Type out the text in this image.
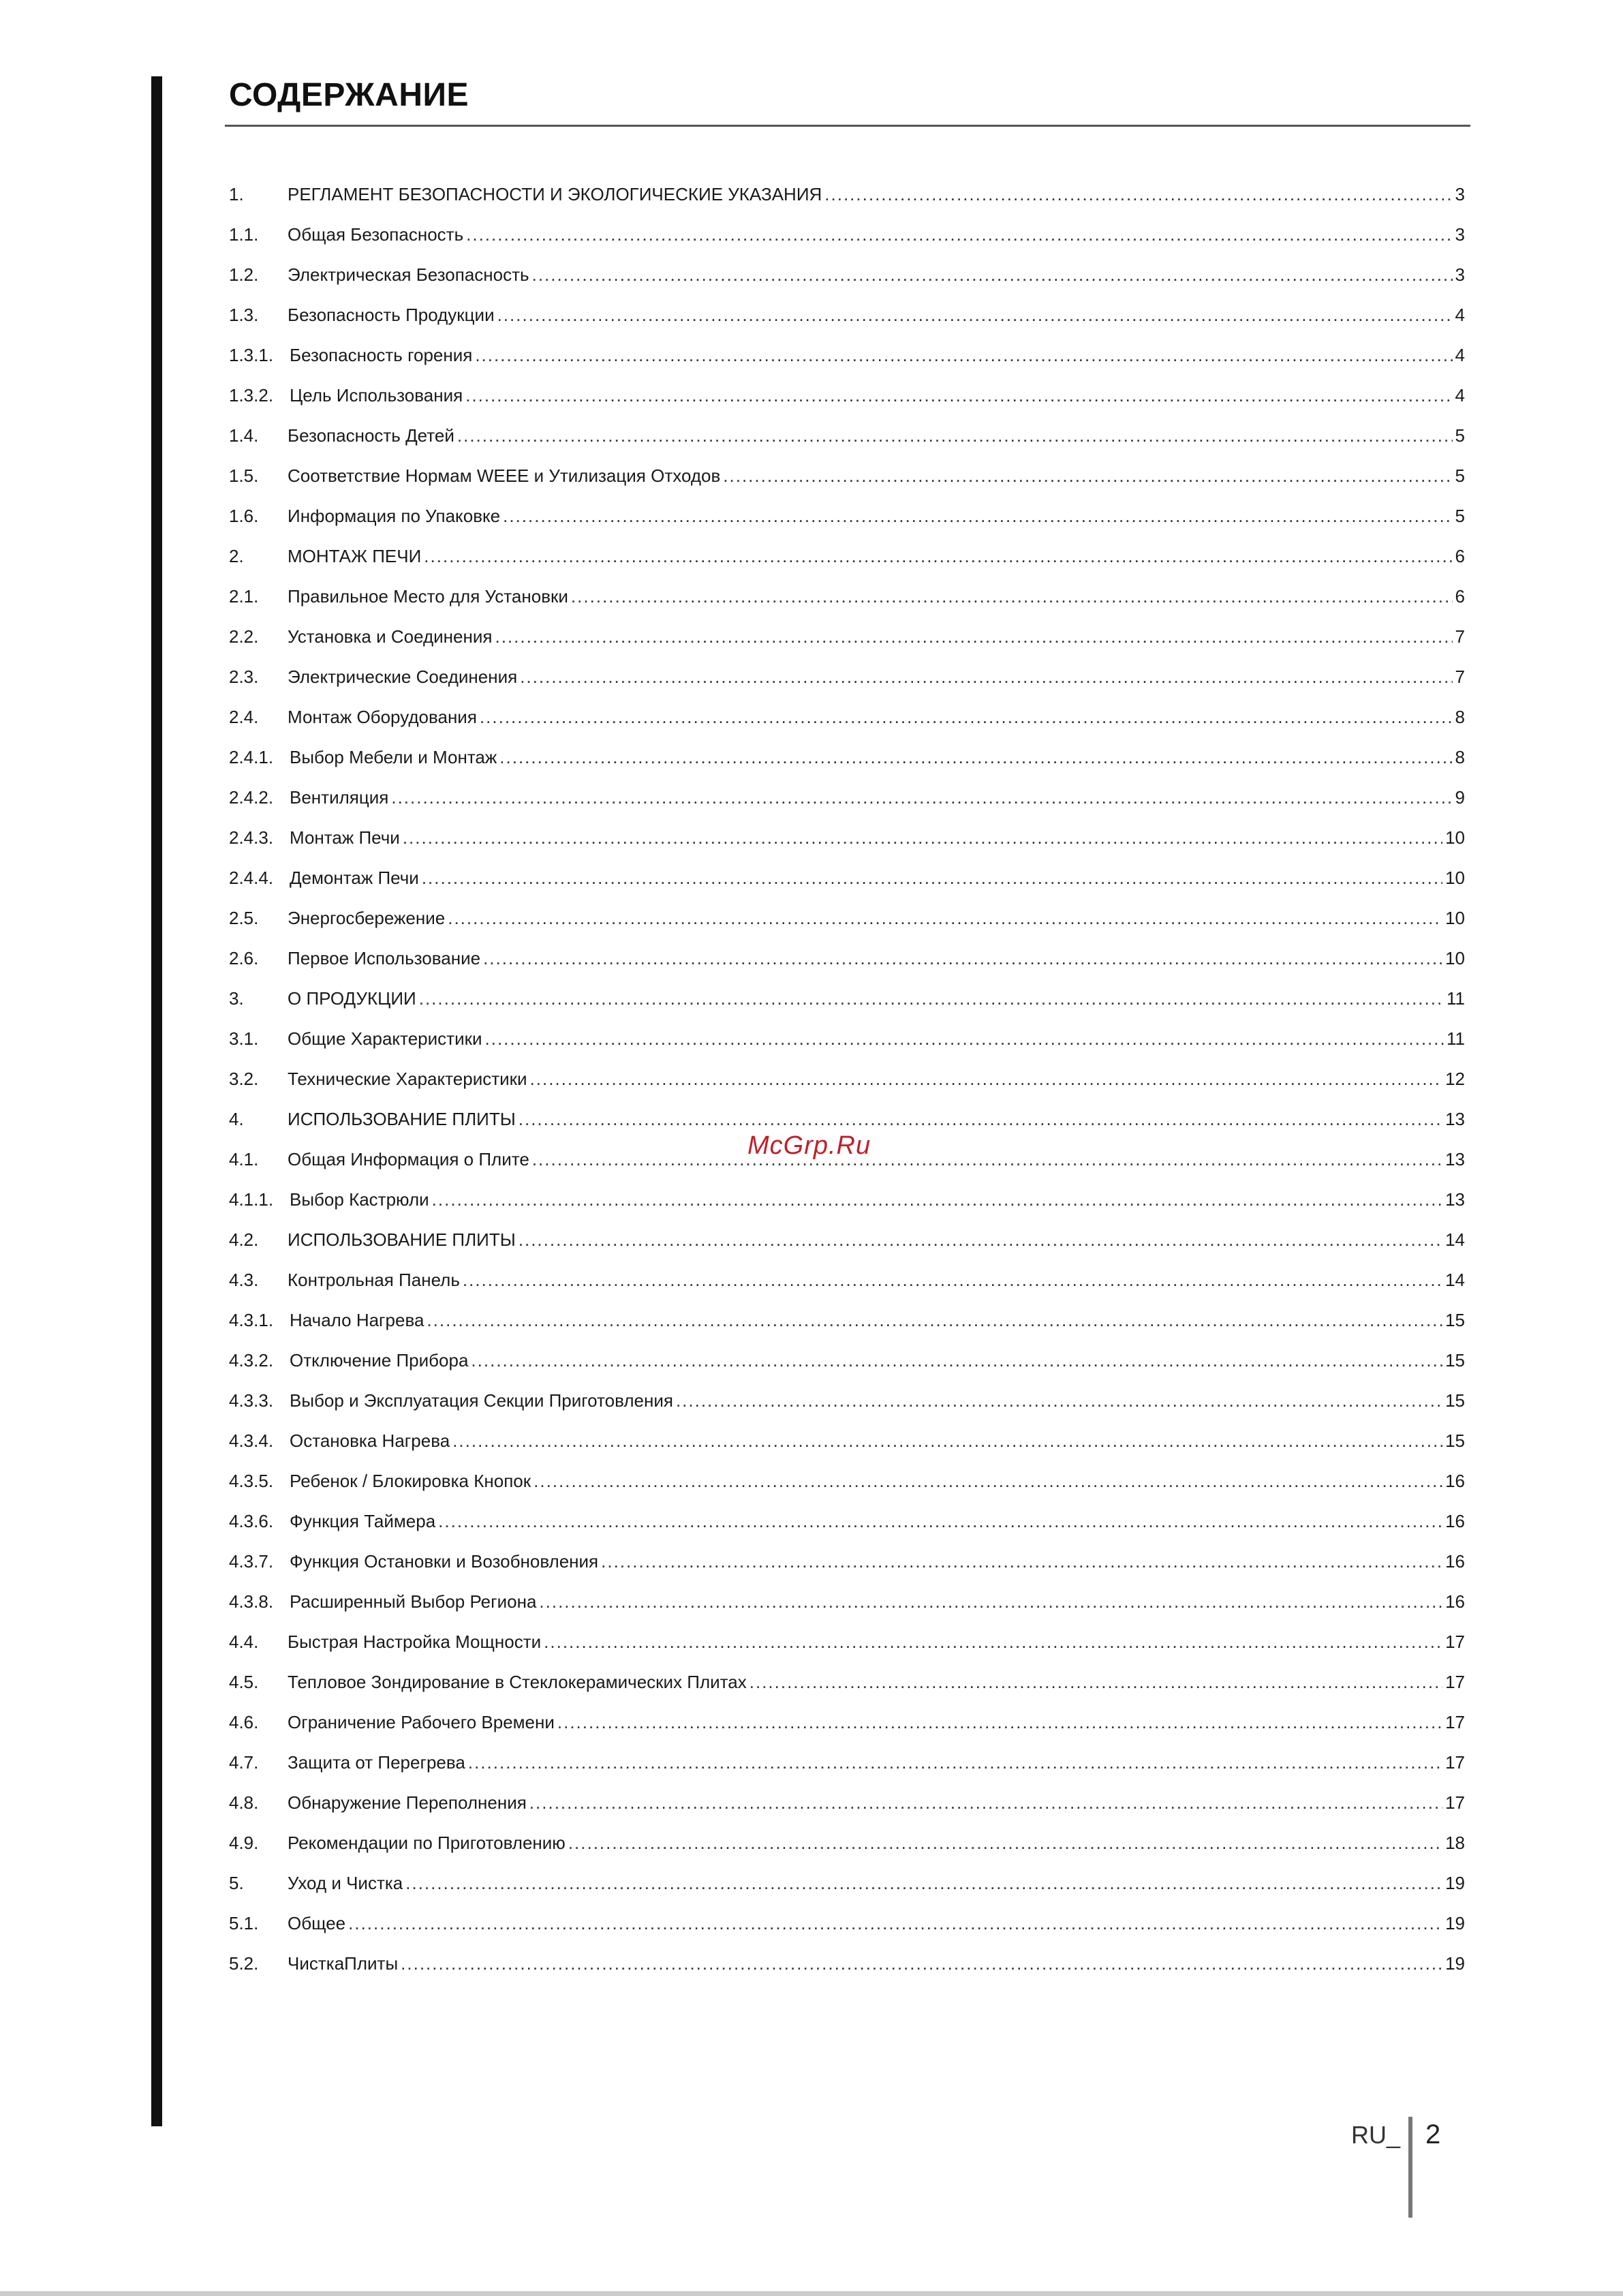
СОДЕРЖАНИЕ
1.	РЕГЛАМЕНТ БЕЗОПАСНОСТИ И ЭКОЛОГИЧЕСКИЕ УКАЗАНИЯ .....	3
1.1.	Общая Безопасность .....	3
1.2.	Электрическая Безопасность .....	3
1.3.	Безопасность Продукции .....	4
1.3.1. Безопасность горения .....	4
1.3.2. Цель Использования .....	4
1.4.	Безопасность Детей .....	5
1.5.	Соответствие Нормам WEEE и Утилизация Отходов .....	5
1.6.	Информация по Упаковке .....	5
2.	МОНТАЖ ПЕЧИ .....	6
2.1.	Правильное Место для Установки .....	6
2.2.	Установка и Соединения .....	7
2.3.	Электрические Соединения .....	7
2.4.	Монтаж Оборудования .....	8
2.4.1. Выбор Мебели и Монтаж .....	8
2.4.2. Вентиляция .....	9
2.4.3. Монтаж Печи .....	10
2.4.4. Демонтаж Печи .....	10
2.5.	Энергосбережение .....	10
2.6.	Первое Использование .....	10
3.	О ПРОДУКЦИИ .....	11
3.1.	Общие Характеристики .....	11
3.2.	Технические Характеристики .....	12
4.	ИСПОЛЬЗОВАНИЕ ПЛИТЫ .....	13
4.1.	Общая Информация о Плите .....	13
4.1.1. Выбор Кастрюли .....	13
4.2.	ИСПОЛЬЗОВАНИЕ ПЛИТЫ .....	14
4.3.	Контрольная Панель .....	14
4.3.1. Начало Нагрева .....	15
4.3.2. Отключение Прибора .....	15
4.3.3. Выбор и Эксплуатация Секции Приготовления .....	15
4.3.4. Остановка Нагрева .....	15
4.3.5. Ребенок / Блокировка Кнопок .....	16
4.3.6. Функция Таймера .....	16
4.3.7. Функция Остановки и Возобновления .....	16
4.3.8. Расширенный Выбор Региона .....	16
4.4.	Быстрая Настройка Мощности .....	17
4.5.	Тепловое Зондирование в Стеклокерамических Плитах .....	17
4.6.	Ограничение Рабочего Времени .....	17
4.7.	Защита от Перегрева .....	17
4.8.	Обнаружение Переполнения .....	17
4.9.	Рекомендации по Приготовлению .....	18
5.	Уход и Чистка .....	19
5.1.	Общее .....	19
5.2.	ЧисткаПлиты .....	19
McGrp.Ru
RU_ 2
